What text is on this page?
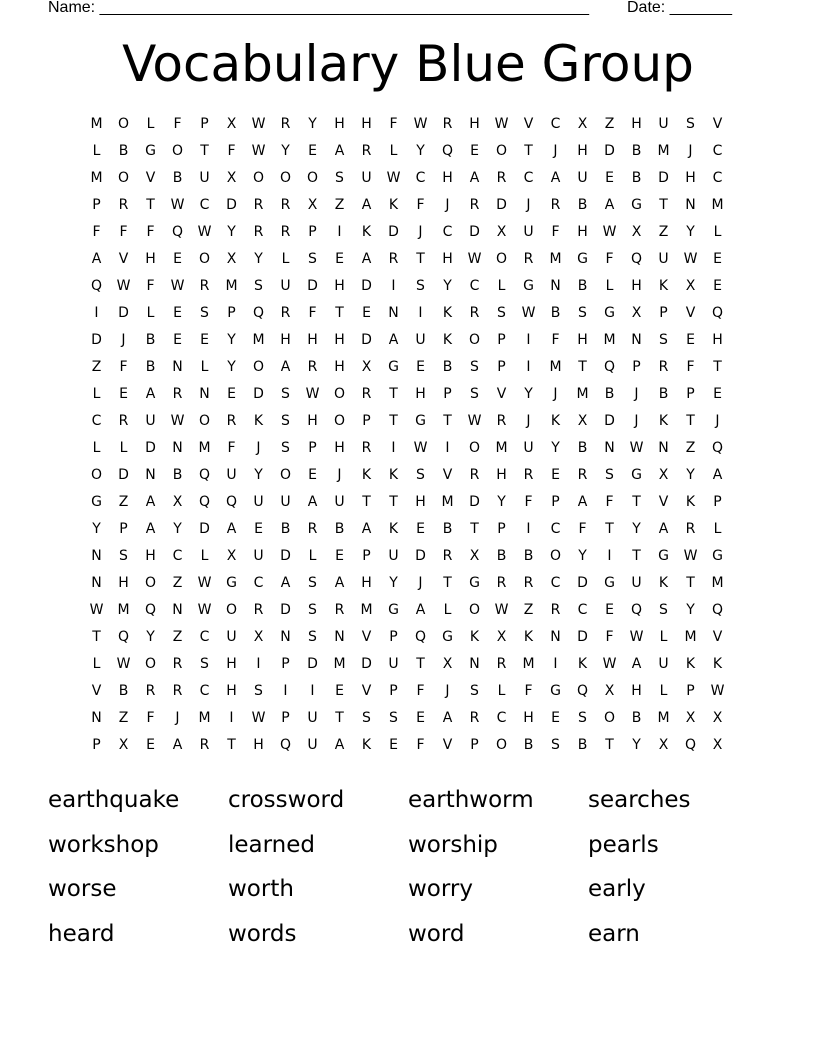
Name: _______________________________________________________ Date: _______
Vocabulary Blue Group
M	O	L	F	P	X	W	R	Y	H	H	F	W	R	H	W	V	C	X	Z	H	U	S	V
L	B	G	O	T	F	W	Y	E	A	R	L	Y	Q	E	O	T	J	H	D	B	M	J	C
M	O	V	B	U	X	O	O	O	S	U	W	C	H	A	R	C	A	U	E	B	D	H	C
P	R	T	W	C	D	R	R	X	Z	A	K	F	J	R	D	J	R	B	A	G	T	N	M
F	F	F	Q	W	Y	R	R	P	I	K	D	J	C	D	X	U	F	H	W	X	Z	Y	L
A	V	H	E	O	X	Y	L	S	E	A	R	T	H	W	O	R	M	G	F	Q	U	W	E
Q	W	F	W	R	M	S	U	D	H	D	I	S	Y	C	L	G	N	B	L	H	K	X	E
I	D	L	E	S	P	Q	R	F	T	E	N	I	K	R	S	W	B	S	G	X	P	V	Q
D	J	B	E	E	Y	M	H	H	H	D	A	U	K	O	P	I	F	H	M	N	S	E	H
Z	F	B	N	L	Y	O	A	R	H	X	G	E	B	S	P	I	M	T	Q	P	R	F	T
L	E	A	R	N	E	D	S	W	O	R	T	H	P	S	V	Y	J	M	B	J	B	P	E
C	R	U	W	O	R	K	S	H	O	P	T	G	T	W	R	J	K	X	D	J	K	T	J
L	L	D	N	M	F	J	S	P	H	R	I	W	I	O	M	U	Y	B	N	W	N	Z	Q
O	D	N	B	Q	U	Y	O	E	J	K	K	S	V	R	H	R	E	R	S	G	X	Y	A
G	Z	A	X	Q	Q	U	U	A	U	T	T	H	M	D	Y	F	P	A	F	T	V	K	P
Y	P	A	Y	D	A	E	B	R	B	A	K	E	B	T	P	I	C	F	T	Y	A	R	L
N	S	H	C	L	X	U	D	L	E	P	U	D	R	X	B	B	O	Y	I	T	G	W	G
N	H	O	Z	W	G	C	A	S	A	H	Y	J	T	G	R	R	C	D	G	U	K	T	M
W	M	Q	N	W	O	R	D	S	R	M	G	A	L	O	W	Z	R	C	E	Q	S	Y	Q
T	Q	Y	Z	C	U	X	N	S	N	V	P	Q	G	K	X	K	N	D	F	W	L	M	V
L	W	O	R	S	H	I	P	D	M	D	U	T	X	N	R	M	I	K	W	A	U	K	K
V	B	R	R	C	H	S	I	I	E	V	P	F	J	S	L	F	G	Q	X	H	L	P	W
N	Z	F	J	M	I	W	P	U	T	S	S	E	A	R	C	H	E	S	O	B	M	X	X
P	X	E	A	R	T	H	Q	U	A	K	E	F	V	P	O	B	S	B	T	Y	X	Q	X
earthquake	crossword	earthworm	searches
workshop	learned	worship	pearls
worse	worth	worry	early
heard	words	word	earn
